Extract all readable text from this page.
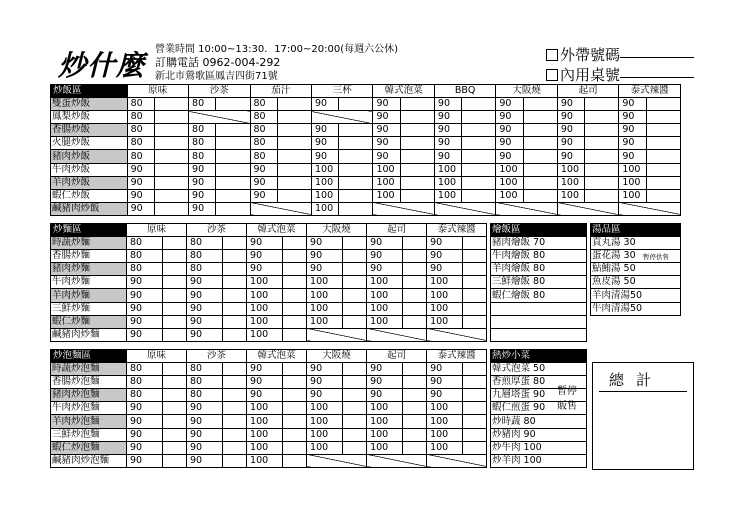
炒什麼 營業時間 10:00~13:30．17:00~20:00(每週六公休)
訂購電話 0962-004-292
新北市鶯歌區鳳吉四街71號
外帶號碼
內用桌號
炒飯區	原味		沙茶		茄汁		三杯		韓式泡菜		BBQ		大阪燒		起司		泰式辣醬	
雙蛋炒飯	80		80		80		90		90		90		90		90		90	
鳳梨炒飯	80				80				90		90		90		90		90	
香腸炒飯	80		80		80		90		90		90		90		90		90	
火腿炒飯	80		80		80		90		90		90		90		90		90	
豬肉炒飯	80		80		80		90		90		90		90		90		90	
牛肉炒飯	90		90		90		100		100		100		100		100		100	
羊肉炒飯	90		90		90		100		100		100		100		100		100	
蝦仁炒飯	90		90		90		100		100		100		100		100		100	
鹹豬肉炒飯	90		90				100											
炒麵區	原味		沙茶		韓式泡菜		大阪燒		起司		泰式辣醬	
時蔬炒麵	80		80		90		90		90		90	
香腸炒麵	80		80		90		90		90		90	
豬肉炒麵	80		80		90		90		90		90	
牛肉炒麵	90		90		100		100		100		100	
羊肉炒麵	90		90		100		100		100		100	
三鮮炒麵	90		90		100		100		100		100	
蝦仁炒麵	90		90		100		100		100		100	
鹹豬肉炒麵	90		90		100							
炒泡麵區	原味		沙茶		韓式泡菜		大阪燒		起司		泰式辣醬	
時蔬炒泡麵	80		80		90		90		90		90	
香腸炒泡麵	80		80		90		90		90		90	
豬肉炒泡麵	80		80		90		90		90		90	
牛肉炒泡麵	90		90		100		100		100		100	
羊肉炒泡麵	90		90		100		100		100		100	
三鮮炒泡麵	90		90		100		100		100		100	
蝦仁炒泡麵	90		90		100		100		100		100	
鹹豬肉炒泡麵	90		90		100							
燴飯區
豬肉燴飯 70
牛肉燴飯 80
羊肉燴飯 80
三鮮燴飯 80
蝦仁燴飯 80

湯品區
貢丸湯 30
蛋花湯 30
鮎鮪湯 50
魚皮湯 50
羊肉清湯50
牛肉清湯50
暫停供售
熱炒小菜
韓式泡菜 50
香煎厚蛋 80
九層塔蛋 90
蝦仁煎蛋 90
炒時蔬 80
炒豬肉 90
炒牛肉 100
炒羊肉 100
暫停販售
總計
